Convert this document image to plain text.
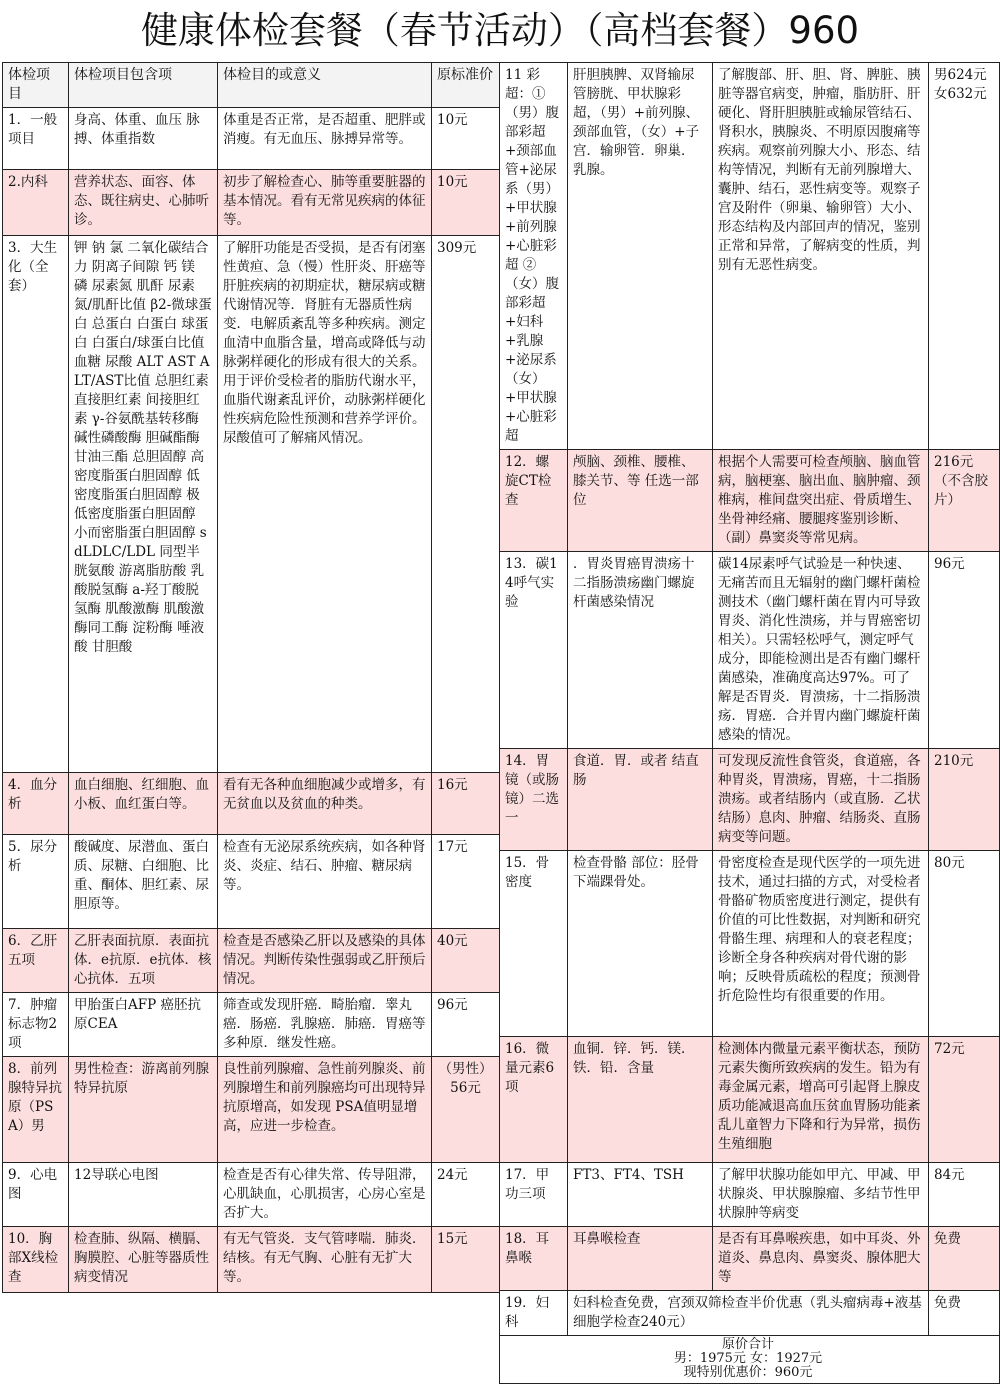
健康体检套餐（春节活动）（高档套餐）960
体检项目	体检项目包含项	体检目的或意义	原标准价
1．一般项目	身高、体重、血压 脉搏、体重指数	体重是否正常，是否超重、肥胖或消瘦。有无血压、脉搏异常等。	10元
2.内科	营养状态、面容、体态、既往病史、心肺听诊。	初步了解检查心、肺等重要脏器的基本情况。看有无常见疾病的体征等。	10元
3．大生化（全套）	钾 钠 氯 二氧化碳结合力 阴离子间隙 钙 镁 磷 尿素氮 肌酐 尿素氮/肌酐比值 β2-微球蛋白 总蛋白 白蛋白 球蛋白 白蛋白/球蛋白比值 血糖 尿酸 ALT AST ALT/AST比值 总胆红素 直接胆红素 间接胆红素 γ-谷氨酰基转移酶 碱性磷酸酶 胆碱酯酶 甘油三酯 总胆固醇 高密度脂蛋白胆固醇 低密度脂蛋白胆固醇 极低密度脂蛋白胆固醇 小而密脂蛋白胆固醇 sdLDLC/LDL 同型半胱氨酸 游离脂肪酸 乳酸脱氢酶 a-羟丁酸脱氢酶 肌酸激酶 肌酸激酶同工酶 淀粉酶 唾液酸 甘胆酸	了解肝功能是否受损，是否有闭塞性黄疸、急（慢）性肝炎、肝癌等肝脏疾病的初期症状，糖尿病或糖代谢情况等．肾脏有无器质性病变．电解质紊乱等多种疾病。测定血清中血脂含量，增高或降低与动脉粥样硬化的形成有很大的关系。用于评价受检者的脂肪代谢水平，血脂代谢紊乱评价，动脉粥样硬化性疾病危险性预测和营养学评价。尿酸值可了解痛风情况。	309元
4．血分析	血白细胞、红细胞、血小板、血红蛋白等。	看有无各种血细胞减少或增多，有无贫血以及贫血的种类。	16元
5．尿分析	酸碱度、尿潜血、蛋白质、尿糖、白细胞、比重、酮体、胆红素、尿胆原等。	检查有无泌尿系统疾病，如各种肾炎、炎症、结石、肿瘤、糖尿病等。	17元
6．乙肝五项	乙肝表面抗原．表面抗体．e抗原．e抗体．核心抗体．五项	检查是否感染乙肝以及感染的具体情况。判断传染性强弱或乙肝预后情况。	40元
7．肿瘤标志物2项	甲胎蛋白AFP 癌胚抗原CEA	筛查或发现肝癌．畸胎瘤．睾丸癌．肠癌．乳腺癌．肺癌．胃癌等多种原．继发性癌。	96元
8．前列腺特异抗原（PSA）男	男性检查：游离前列腺特异抗原	良性前列腺瘤、急性前列腺炎、前列腺增生和前列腺癌均可出现特异抗原增高，如发现 PSA值明显增高，应进一步检查。	（男性）56元
9．心电图	12导联心电图	检查是否有心律失常、传导阻滞，心肌缺血，心肌损害，心房心室是否扩大。	24元
10．胸部X线检查	检查肺、纵隔、横膈、胸膜腔、心脏等器质性病变情况	有无气管炎．支气管哮喘．肺炎．结核。有无气胸、心脏有无扩大等。	15元
11 彩超：①（男）腹部彩超+颈部血管+泌尿系（男）+甲状腺+前列腺+心脏彩超 ②（女）腹部彩超+妇科+乳腺+泌尿系（女）+甲状腺+心脏彩超	肝胆胰脾、双肾输尿管膀胱、甲状腺彩超，（男）+前列腺、颈部血管，（女）+子宫．输卵管．卵巢．乳腺。	了解腹部、肝、胆、肾、脾脏、胰脏等器官病变，肿瘤，脂肪肝、肝硬化、肾肝胆胰脏或输尿管结石、肾积水，胰腺炎、不明原因腹痛等疾病。观察前列腺大小、形态、结构等情况，判断有无前列腺增大、囊肿、结石，恶性病变等。观察子宫及附件（卵巢、输卵管）大小、形态结构及内部回声的情况，鉴别正常和异常，了解病变的性质，判别有无恶性病变。	男624元 女632元
12．螺旋CT检查	颅脑、颈椎、腰椎、膝关节、等 任选一部位	根据个人需要可检查颅脑、脑血管病，脑梗塞、脑出血、脑肿瘤、颈椎病，椎间盘突出症、骨质增生、坐骨神经痛、腰腿疼鉴别诊断、（副）鼻窦炎等常见病。	216元（不含胶片）
13．碳14呼气实验	．胃炎胃癌胃溃疡十二指肠溃疡幽门螺旋杆菌感染情况	碳14尿素呼气试验是一种快速、无痛苦而且无辐射的幽门螺杆菌检测技术（幽门螺杆菌在胃内可导致胃炎、消化性溃疡，并与胃癌密切相关）。只需轻松呼气，测定呼气成分，即能检测出是否有幽门螺杆菌感染，准确度高达97%。可了解是否胃炎．胃溃疡，十二指肠溃疡．胃癌．合并胃内幽门螺旋杆菌感染的情况。	96元
14．胃镜（或肠镜）二选一	食道．胃．或者 结直肠	可发现反流性食管炎，食道癌，各种胃炎，胃溃疡，胃癌，十二指肠溃疡。或者结肠内（或直肠．乙状结肠）息肉、肿瘤、结肠炎、直肠病变等问题。	210元
15．骨密度	检查骨骼 部位：胫骨下端踝骨处。	骨密度检查是现代医学的一项先进技术，通过扫描的方式，对受检者骨骼矿物质密度进行测定，提供有价值的可比性数据，对判断和研究骨骼生理、病理和人的衰老程度；诊断全身各种疾病对骨代谢的影响；反映骨质疏松的程度；预测骨折危险性均有很重要的作用。	80元
16．微量元素6项	血铜．锌．钙．镁．铁．铅．含量	检测体内微量元素平衡状态，预防元素失衡所致疾病的发生。铅为有毒金属元素，增高可引起肾上腺皮质功能减退高血压贫血胃肠功能紊乱儿童智力下降和行为异常，损伤生殖细胞	72元
17．甲功三项	FT3、FT4、TSH	了解甲状腺功能如甲亢、甲减、甲状腺炎、甲状腺腺瘤、多结节性甲状腺肿等病变	84元
18．耳鼻喉	耳鼻喉检查	是否有耳鼻喉疾患，如中耳炎、外道炎、鼻息肉、鼻窦炎、腺体肥大等	免费
19．妇科	妇科检查免费，宫颈双筛检查半价优惠（乳头瘤病毒+液基细胞学检查240元）		免费

	原价合计
男：1975元 女：1927元
现特别优惠价：960元		
